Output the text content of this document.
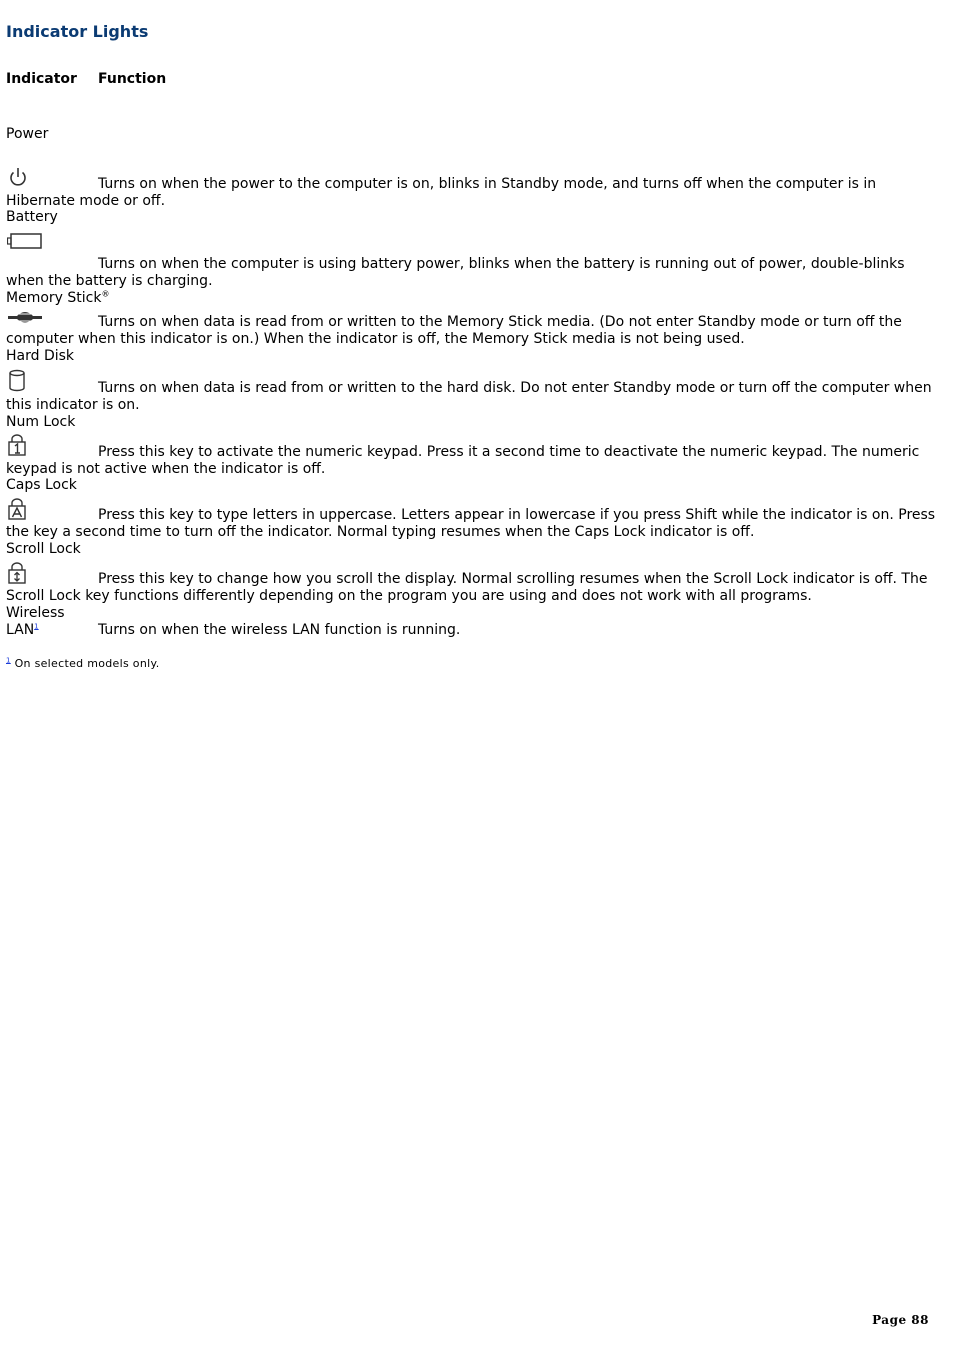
Indicator Lights
Indicator Function
Power
Turns on when the power to the computer is on, blinks in Standby mode, and turns off when the computer is in Hibernate mode or off.
Battery
Turns on when the computer is using battery power, blinks when the battery is running out of power, double-blinks when the battery is charging.
Memory Stick®
Turns on when data is read from or written to the Memory Stick media. (Do not enter Standby mode or turn off the computer when this indicator is on.) When the indicator is off, the Memory Stick media is not being used.
Hard Disk
Turns on when data is read from or written to the hard disk. Do not enter Standby mode or turn off the computer when this indicator is on.
Num Lock
Press this key to activate the numeric keypad. Press it a second time to deactivate the numeric keypad. The numeric keypad is not active when the indicator is off.
Caps Lock
Press this key to type letters in uppercase. Letters appear in lowercase if you press Shift while the indicator is on. Press the key a second time to turn off the indicator. Normal typing resumes when the Caps Lock indicator is off.
Scroll Lock
Press this key to change how you scroll the display. Normal scrolling resumes when the Scroll Lock indicator is off. The Scroll Lock key functions differently depending on the program you are using and does not work with all programs.
Wireless
LAN$^1$	Turns on when the wireless LAN function is running.
$^1$ On selected models only.
Page 88
